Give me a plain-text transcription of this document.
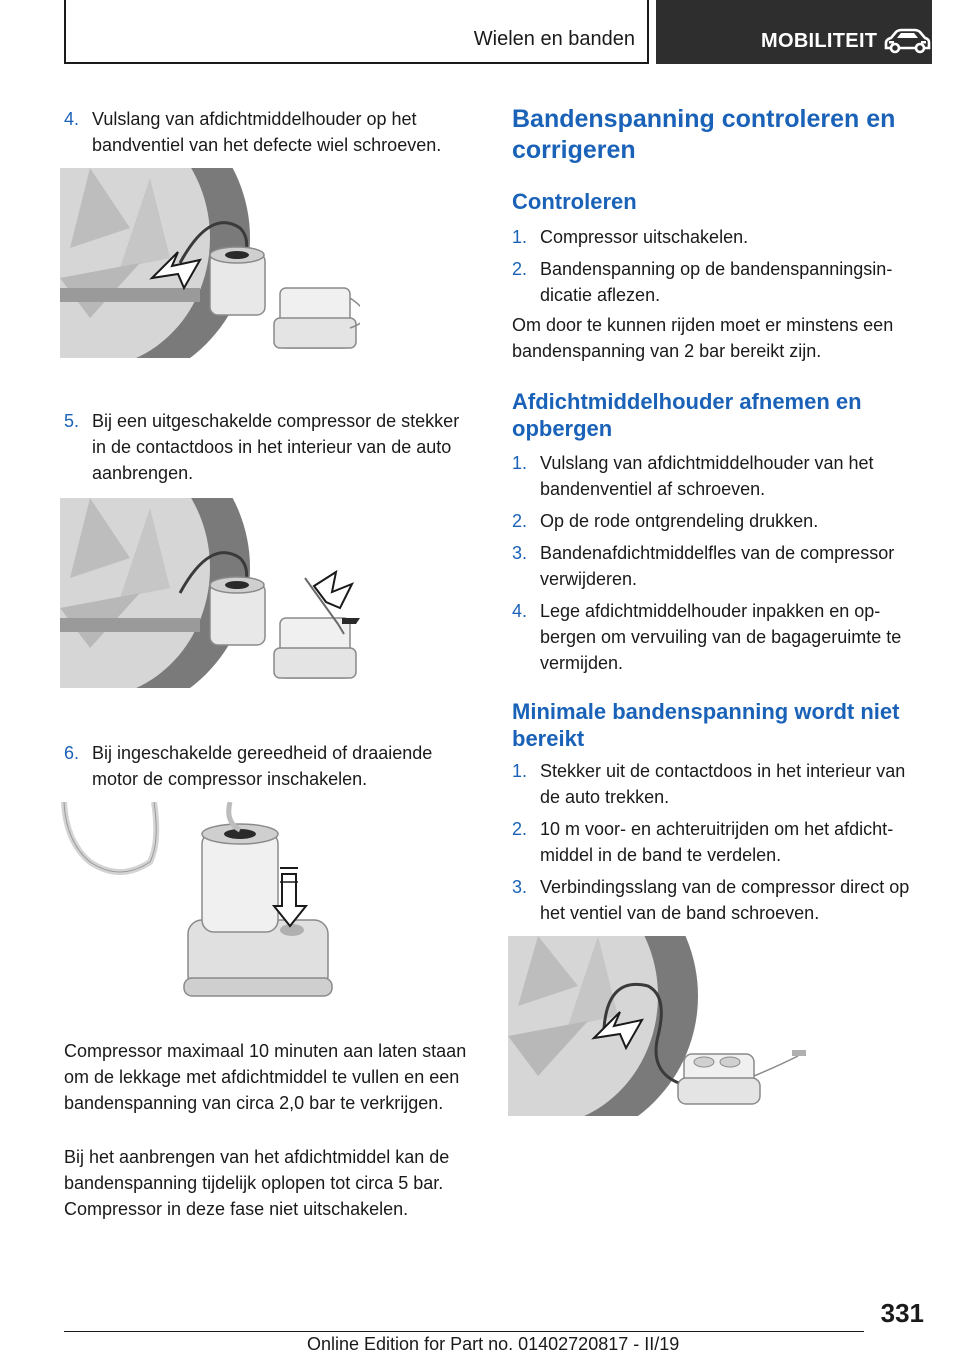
Wielen en banden	MOBILITEIT
4. Vulslang van afdichtmiddelhouder op het bandventiel van het defecte wiel schroeven.
5. Bij een uitgeschakelde compressor de stekker in de contactdoos in het interieur van de auto aanbrengen.
6. Bij ingeschakelde gereedheid of draaiende motor de compressor inschakelen.
Compressor maximaal 10 minuten aan laten staan om de lekkage met afdichtmiddel te vullen en een bandenspanning van circa 2,0 bar te verkrijgen.
Bij het aanbrengen van het afdichtmiddel kan de bandenspanning tijdelijk oplopen tot circa 5 bar. Compressor in deze fase niet uitschakelen.
Bandenspanning controleren en corrigeren
Controleren
1. Compressor uitschakelen.
2. Bandenspanning op de bandenspanningsindicatie aflezen.
Om door te kunnen rijden moet er minstens een bandenspanning van 2 bar bereikt zijn.
Afdichtmiddelhouder afnemen en opbergen
1. Vulslang van afdichtmiddelhouder van het bandenventiel af schroeven.
2. Op de rode ontgrendeling drukken.
3. Bandenafdichtmiddelfles van de compressor verwijderen.
4. Lege afdichtmiddelhouder inpakken en opbergen om vervuiling van de bagageruimte te vermijden.
Minimale bandenspanning wordt niet bereikt
1. Stekker uit de contactdoos in het interieur van de auto trekken.
2. 10 m voor- en achteruitrijden om het afdichtmiddel in de band te verdelen.
3. Verbindingsslang van de compressor direct op het ventiel van de band schroeven.
331
Online Edition for Part no. 01402720817 - II/19
